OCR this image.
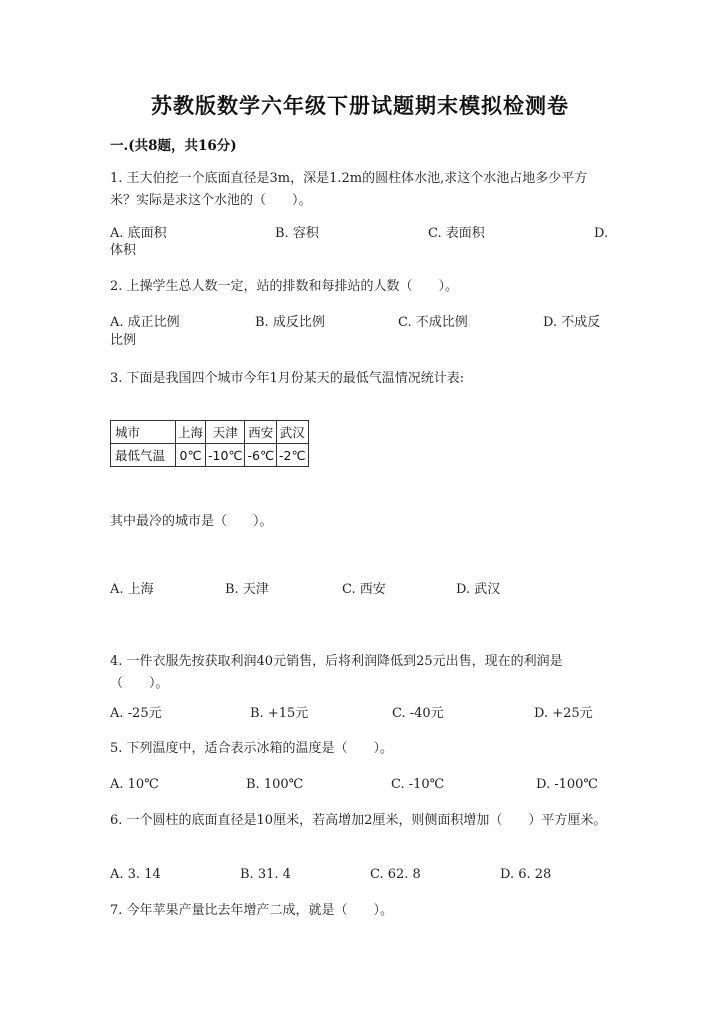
苏教版数学六年级下册试题期末模拟检测卷
一.(共8题，共16分)
1. 王大伯挖一个底面直径是3m，深是1.2m的圆柱体水池,求这个水池占地多少平方米？实际是求这个水池的（　　）。
A. 底面积	B. 容积	C. 表面积	D.
体积
2. 上操学生总人数一定，站的排数和每排站的人数（　　）。
A. 成正比例	B. 成反比例	C. 不成比例	D. 不成反
比例
3. 下面是我国四个城市今年1月份某天的最低气温情况统计表:
城市	上海	天津	西安	武汉
最低气温	0℃	-10℃	-6℃	-2℃
其中最冷的城市是（　　）。
A. 上海	B. 天津	C. 西安	D. 武汉
4. 一件衣服先按获取利润40元销售，后将利润降低到25元出售，现在的利润是（　　）。
A. -25元	B. +15元	C. -40元	D. +25元
5. 下列温度中，适合表示冰箱的温度是（　　）。
A. 10℃	B. 100℃	C. -10℃	D. -100℃
6. 一个圆柱的底面直径是10厘米，若高增加2厘米，则侧面积增加（　　）平方厘米。
A. 3. 14	B. 31. 4	C. 62. 8	D. 6. 28
7. 今年苹果产量比去年增产二成，就是（　　）。
